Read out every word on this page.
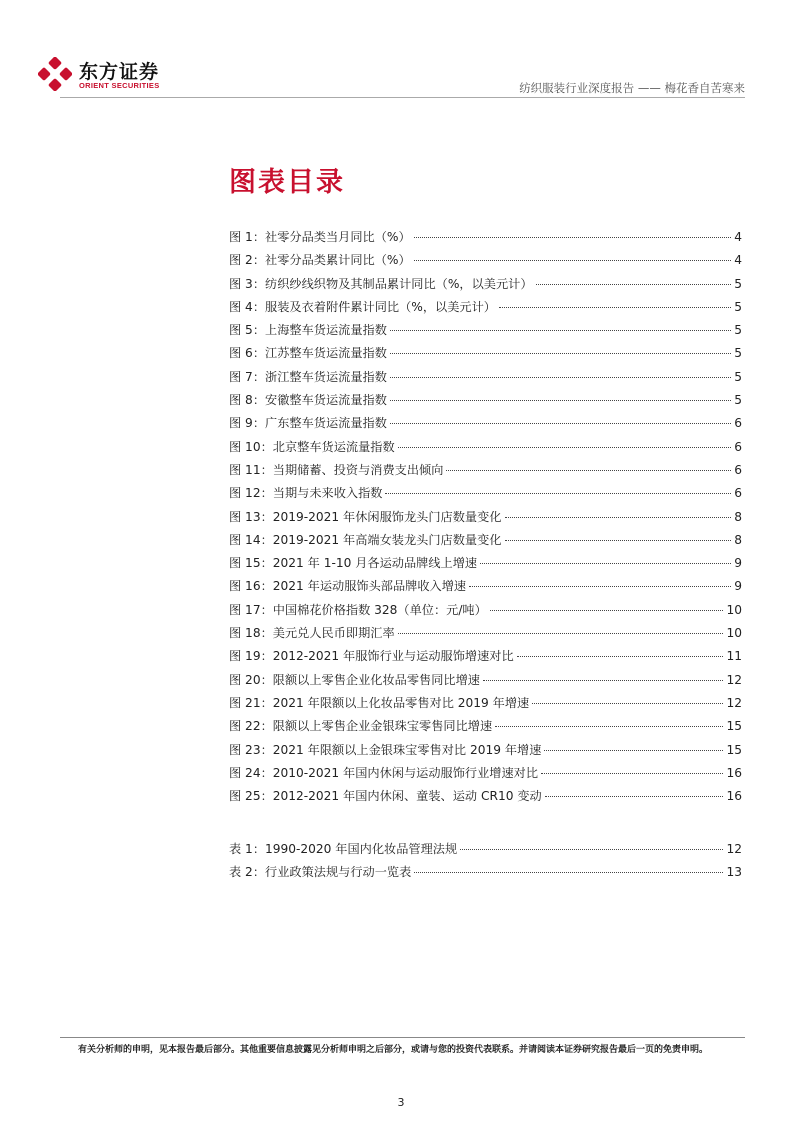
东方证券
ORIENT SECURITIES	纺织服装行业深度报告 —— 梅花香自苦寒来
图表目录
图 1：社零分品类当月同比（%）	4
图 2：社零分品类累计同比（%）	4
图 3：纺织纱线织物及其制品累计同比（%，以美元计）	5
图 4：服装及衣着附件累计同比（%，以美元计）	5
图 5：上海整车货运流量指数	5
图 6：江苏整车货运流量指数	5
图 7：浙江整车货运流量指数	5
图 8：安徽整车货运流量指数	5
图 9：广东整车货运流量指数	6
图 10：北京整车货运流量指数	6
图 11：当期储蓄、投资与消费支出倾向	6
图 12：当期与未来收入指数	6
图 13：2019-2021 年休闲服饰龙头门店数量变化	8
图 14：2019-2021 年高端女装龙头门店数量变化	8
图 15：2021 年 1-10 月各运动品牌线上增速	9
图 16：2021 年运动服饰头部品牌收入增速	9
图 17：中国棉花价格指数 328（单位：元/吨）	10
图 18：美元兑人民币即期汇率	10
图 19：2012-2021 年服饰行业与运动服饰增速对比	11
图 20：限额以上零售企业化妆品零售同比增速	12
图 21：2021 年限额以上化妆品零售对比 2019 年增速	12
图 22：限额以上零售企业金银珠宝零售同比增速	15
图 23：2021 年限额以上金银珠宝零售对比 2019 年增速	15
图 24：2010-2021 年国内休闲与运动服饰行业增速对比	16
图 25：2012-2021 年国内休闲、童装、运动 CR10 变动	16
表 1：1990-2020 年国内化妆品管理法规	12
表 2：行业政策法规与行动一览表	13
有关分析师的申明，见本报告最后部分。其他重要信息披露见分析师申明之后部分，或请与您的投资代表联系。并请阅读本证券研究报告最后一页的免责申明。
3
